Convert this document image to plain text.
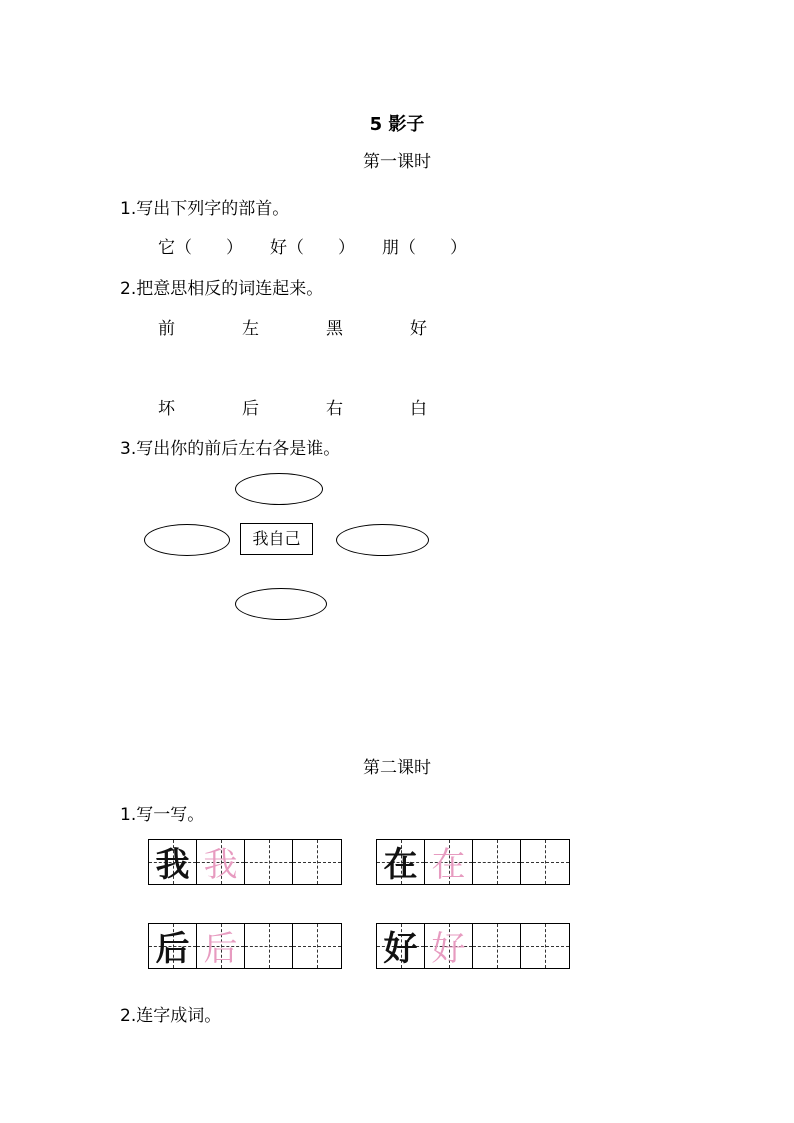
5 影子
第一课时
1.写出下列字的部首。
它（　　） 好（　　） 朋（　　）
2.把意思相反的词连起来。
前	左	黑	好
坏	后	右	白
3.写出你的前后左右各是谁。
我自己
第二课时
1.写一写。
我 我	在 在
后 后	好 好
2.连字成词。
